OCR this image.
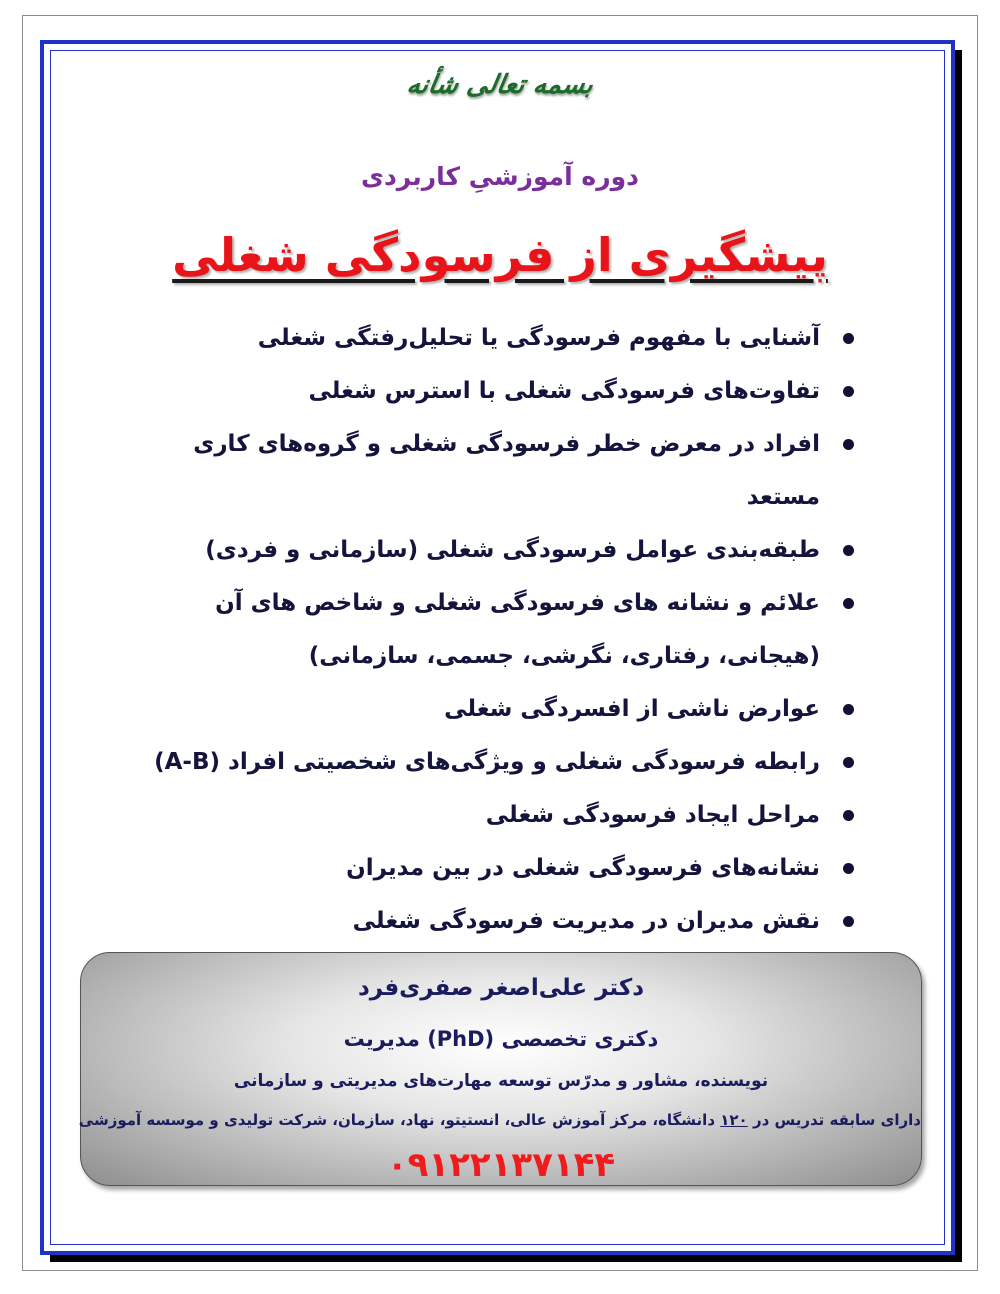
بسمه تعالی شأنه
دوره آموزشیِ کاربردی
پیشگیری از فرسودگی شغلی
آشنایی با مفهوم فرسودگی یا تحلیل‌رفتگی شغلی
تفاوت‌های فرسودگی شغلی با استرس شغلی
افراد در معرض خطر فرسودگی شغلی و گروه‌های کاری مستعد
طبقه‌بندی عوامل فرسودگی شغلی (سازمانی و فردی)
علائم و نشانه های فرسودگی شغلی و شاخص های آن (هیجانی، رفتاری، نگرشی، جسمی، سازمانی)
عوارض ناشی از افسردگی شغلی
رابطه فرسودگی شغلی و ویژگی‌های شخصیتی افراد (A-B)
مراحل ایجاد فرسودگی شغلی
نشانه‌های فرسودگی شغلی در بین مدیران
نقش مدیران در مدیریت فرسودگی شغلی
دکتر علی‌اصغر صفری‌فرد
دکتری تخصصی (PhD) مدیریت
نویسنده، مشاور و مدرّس توسعه مهارت‌های مدیریتی و سازمانی
دارای سابقه تدریس در ۱۲۰ دانشگاه، مرکز آموزش عالی، انستیتو، نهاد، سازمان، شرکت تولیدی و موسسه آموزشی
۰۹۱۲۲۱۳۷۱۴۴
